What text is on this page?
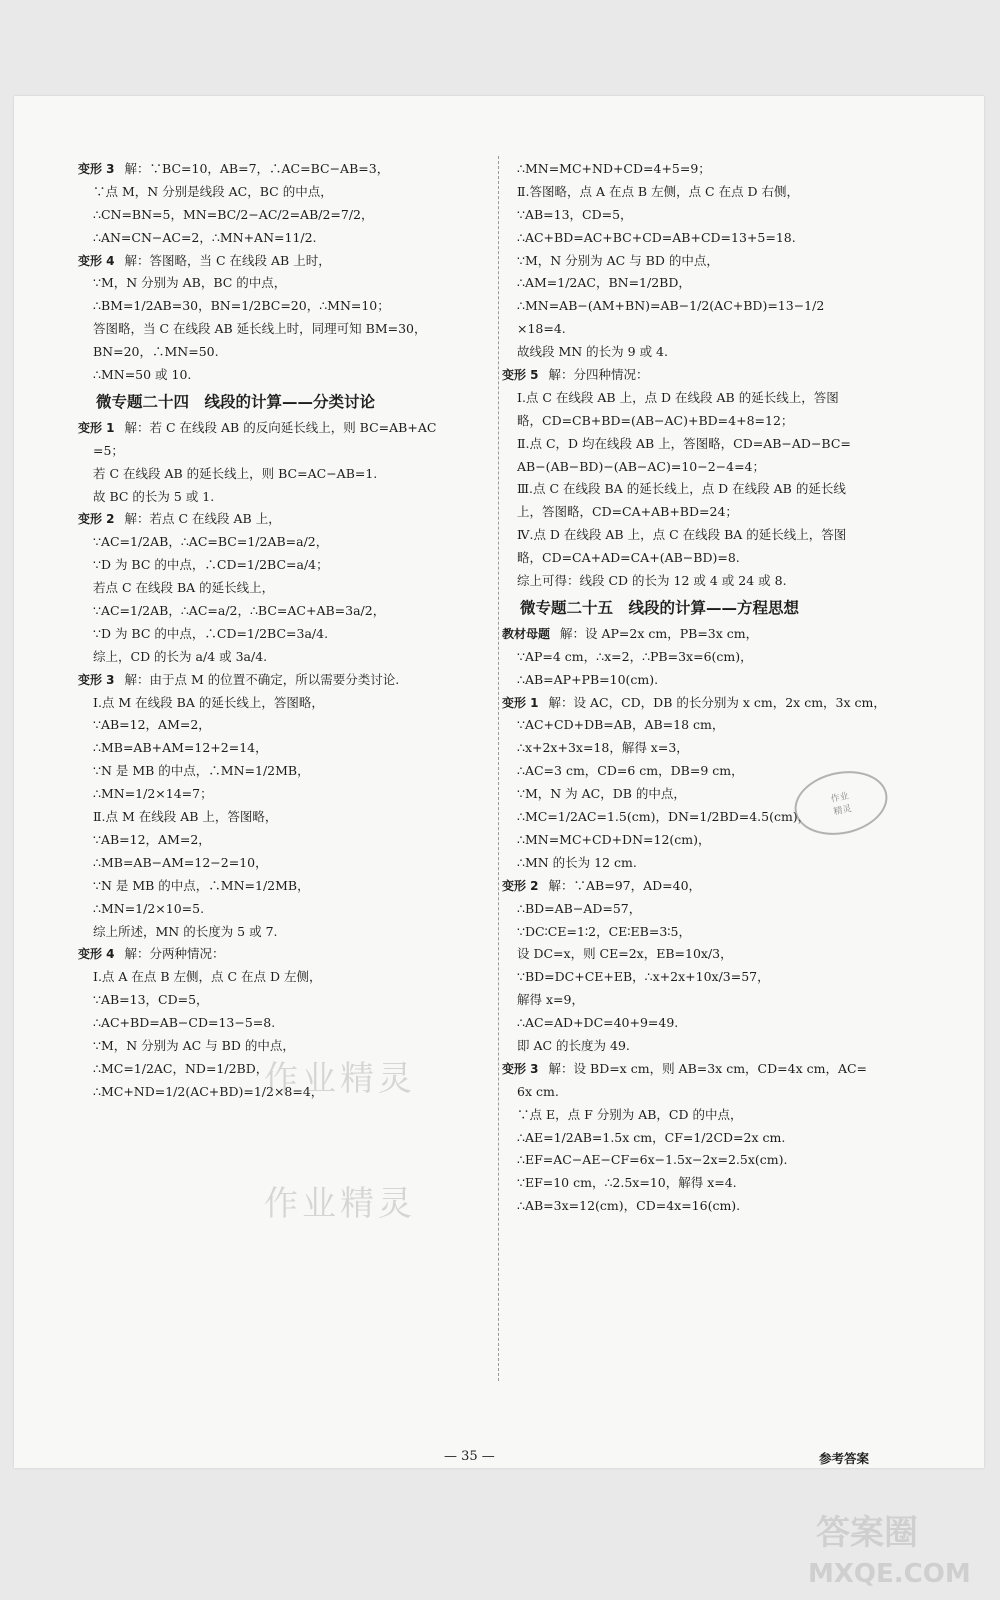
变形 3 解：∵BC=10，AB=7，∴AC=BC−AB=3，
∵点 M，N 分别是线段 AC，BC 的中点，
∴CN=BN=5，MN=BC/2−AC/2=AB/2=7/2，
∴AN=CN−AC=2，∴MN+AN=11/2.
变形 4 解：答图略，当 C 在线段 AB 上时，
∵M，N 分别为 AB，BC 的中点，
∴BM=1/2AB=30，BN=1/2BC=20，∴MN=10；
答图略，当 C 在线段 AB 延长线上时，同理可知 BM=30，
BN=20，∴MN=50.
∴MN=50 或 10.
微专题二十四　线段的计算——分类讨论
变形 1 解：若 C 在线段 AB 的反向延长线上，则 BC=AB+AC
=5；
若 C 在线段 AB 的延长线上，则 BC=AC−AB=1.
故 BC 的长为 5 或 1.
变形 2 解：若点 C 在线段 AB 上，
∵AC=1/2AB，∴AC=BC=1/2AB=a/2，
∵D 为 BC 的中点，∴CD=1/2BC=a/4；
若点 C 在线段 BA 的延长线上，
∵AC=1/2AB，∴AC=a/2，∴BC=AC+AB=3a/2，
∵D 为 BC 的中点，∴CD=1/2BC=3a/4.
综上，CD 的长为 a/4 或 3a/4.
变形 3 解：由于点 M 的位置不确定，所以需要分类讨论.
Ⅰ.点 M 在线段 BA 的延长线上，答图略，
∵AB=12，AM=2，
∴MB=AB+AM=12+2=14，
∵N 是 MB 的中点，∴MN=1/2MB，
∴MN=1/2×14=7；
Ⅱ.点 M 在线段 AB 上，答图略，
∵AB=12，AM=2，
∴MB=AB−AM=12−2=10，
∵N 是 MB 的中点，∴MN=1/2MB，
∴MN=1/2×10=5.
综上所述，MN 的长度为 5 或 7.
变形 4 解：分两种情况：
Ⅰ.点 A 在点 B 左侧，点 C 在点 D 左侧，
∵AB=13，CD=5，
∴AC+BD=AB−CD=13−5=8.
∵M，N 分别为 AC 与 BD 的中点，
∴MC=1/2AC，ND=1/2BD，
∴MC+ND=1/2(AC+BD)=1/2×8=4，
∴MN=MC+ND+CD=4+5=9；
Ⅱ.答图略，点 A 在点 B 左侧，点 C 在点 D 右侧，
∵AB=13，CD=5，
∴AC+BD=AC+BC+CD=AB+CD=13+5=18.
∵M，N 分别为 AC 与 BD 的中点，
∴AM=1/2AC，BN=1/2BD，
∴MN=AB−(AM+BN)=AB−1/2(AC+BD)=13−1/2
×18=4.
故线段 MN 的长为 9 或 4.
变形 5 解：分四种情况：
Ⅰ.点 C 在线段 AB 上，点 D 在线段 AB 的延长线上，答图
略，CD=CB+BD=(AB−AC)+BD=4+8=12；
Ⅱ.点 C，D 均在线段 AB 上，答图略，CD=AB−AD−BC=
AB−(AB−BD)−(AB−AC)=10−2−4=4；
Ⅲ.点 C 在线段 BA 的延长线上，点 D 在线段 AB 的延长线
上，答图略，CD=CA+AB+BD=24；
Ⅳ.点 D 在线段 AB 上，点 C 在线段 BA 的延长线上，答图
略，CD=CA+AD=CA+(AB−BD)=8.
综上可得：线段 CD 的长为 12 或 4 或 24 或 8.
微专题二十五　线段的计算——方程思想
教材母题 解：设 AP=2x cm，PB=3x cm，
∵AP=4 cm，∴x=2，∴PB=3x=6(cm)，
∴AB=AP+PB=10(cm).
变形 1 解：设 AC，CD，DB 的长分别为 x cm，2x cm，3x cm，
∵AC+CD+DB=AB，AB=18 cm，
∴x+2x+3x=18，解得 x=3，
∴AC=3 cm，CD=6 cm，DB=9 cm，
∵M，N 为 AC，DB 的中点，
∴MC=1/2AC=1.5(cm)，DN=1/2BD=4.5(cm)，
∴MN=MC+CD+DN=12(cm)，
∴MN 的长为 12 cm.
变形 2 解：∵AB=97，AD=40，
∴BD=AB−AD=57，
∵DC∶CE=1∶2，CE∶EB=3∶5，
设 DC=x，则 CE=2x，EB=10x/3，
∵BD=DC+CE+EB，∴x+2x+10x/3=57，
解得 x=9，
∴AC=AD+DC=40+9=49.
即 AC 的长度为 49.
变形 3 解：设 BD=x cm，则 AB=3x cm，CD=4x cm，AC=
6x cm.
∵点 E，点 F 分别为 AB，CD 的中点，
∴AE=1/2AB=1.5x cm，CF=1/2CD=2x cm.
∴EF=AC−AE−CF=6x−1.5x−2x=2.5x(cm).
∵EF=10 cm，∴2.5x=10，解得 x=4.
∴AB=3x=12(cm)，CD=4x=16(cm).
作业精灵
作业精灵
作业
精灵
— 35 —	参考答案
答案圈
MXQE.COM
